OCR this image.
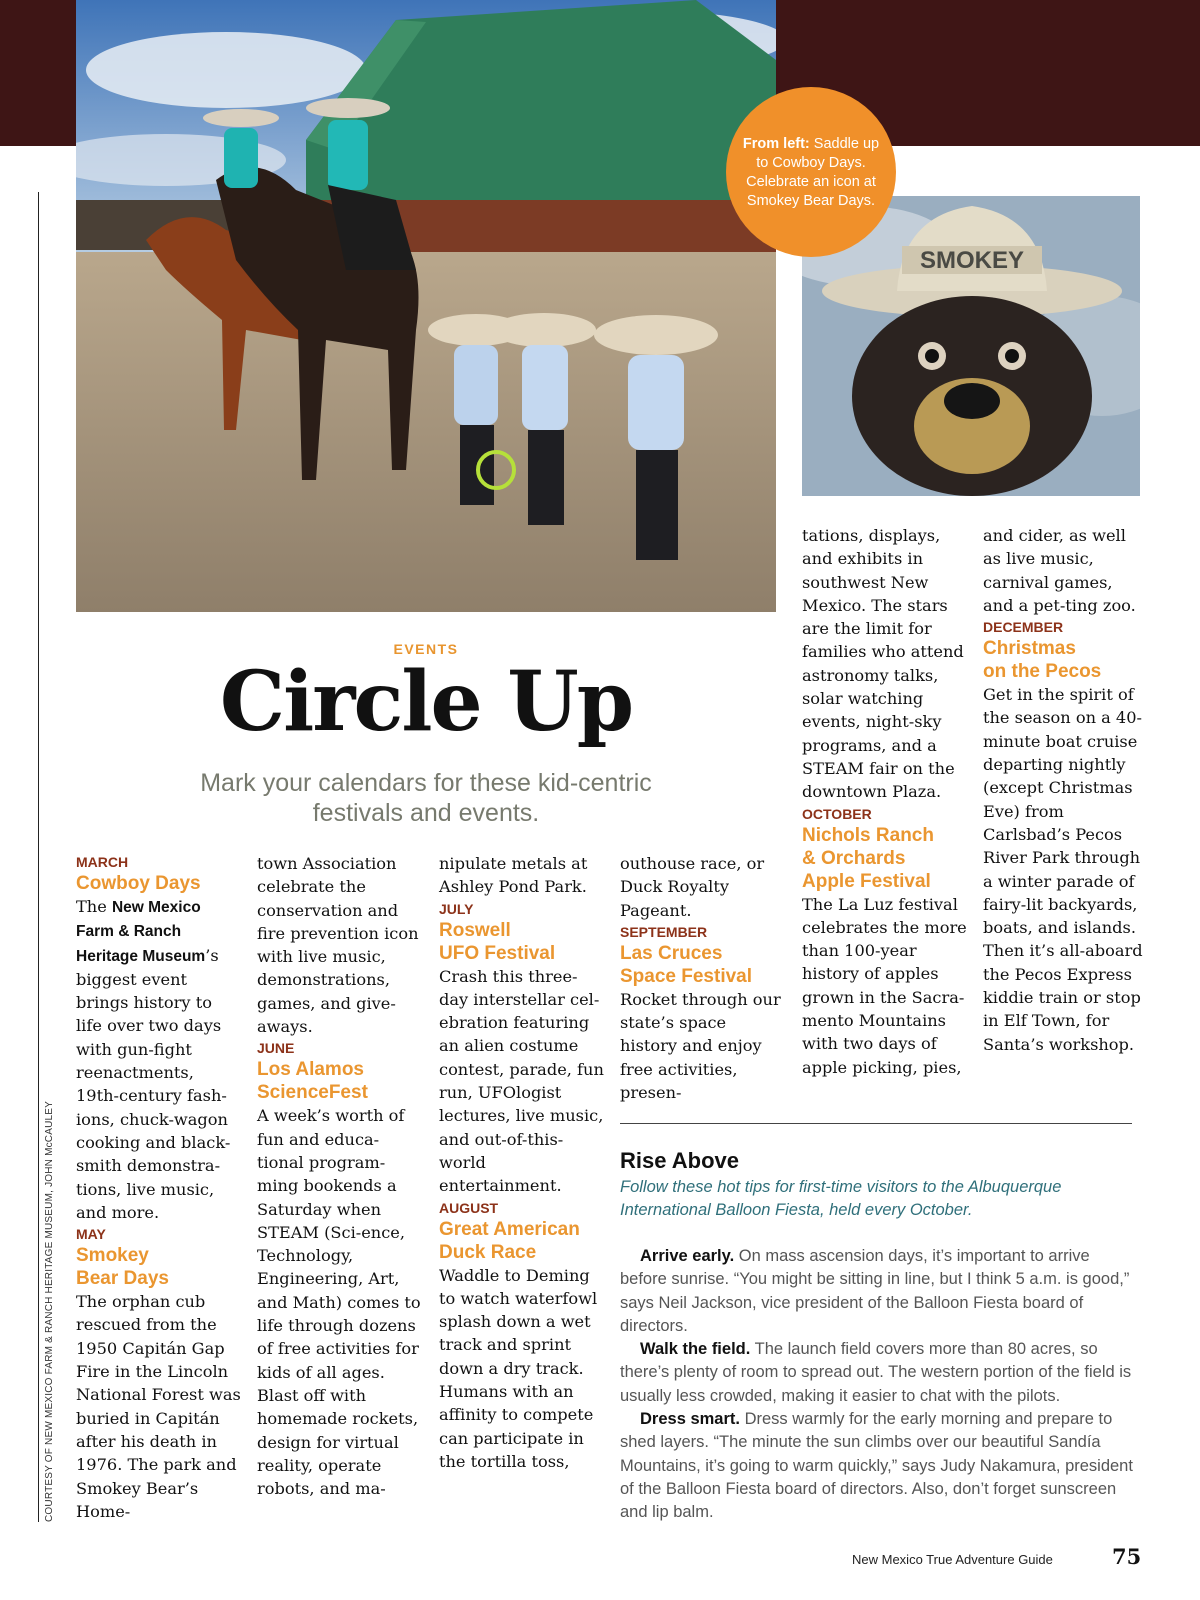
SMOKEY
From left: Saddle up to Cowboy Days. Celebrate an icon at Smokey Bear Days.
COURTESY OF NEW MEXICO FARM & RANCH HERITAGE MUSEUM, JOHN McCAULEY
EVENTS
Circle Up
Mark your calendars for these kid-centric festivals and events.

MARCH

Cowboy Days

The New Mexico Farm & Ranch Heritage Museum’s biggest event brings history to life over two days with gun-fight reenactments, 19th-century fash-ions, chuck-wagon cooking and black-smith demonstra-tions, live music, and more.

MAY

Smokey
Bear Days

The orphan cub rescued from the 1950 Capitán Gap Fire in the Lincoln National Forest was buried in Capitán after his death in 1976. The park and Smokey Bear’s Home-

town Association celebrate the conservation and fire prevention icon with live music, demonstrations, games, and give-aways.

JUNE

Los Alamos
ScienceFest

A week’s worth of fun and educa-tional program-ming bookends a Saturday when STEAM (Sci-ence, Technology, Engineering, Art, and Math) comes to life through dozens of free activities for kids of all ages. Blast off with homemade rockets, design for virtual reality, operate robots, and ma-

nipulate metals at Ashley Pond Park.

JULY

Roswell
UFO Festival

Crash this three-day interstellar cel-ebration featuring an alien costume contest, parade, fun run, UFOlogist lectures, live music, and out-of-this-world entertainment.

AUGUST

Great American
Duck Race

Waddle to Deming to watch waterfowl splash down a wet track and sprint down a dry track. Humans with an affinity to compete can participate in the tortilla toss,

outhouse race, or Duck Royalty Pageant.

SEPTEMBER

Las Cruces
Space Festival

Rocket through our state’s space history and enjoy free activities, presen-

tations, displays, and exhibits in southwest New Mexico. The stars are the limit for families who attend astronomy talks, solar watching events, night-sky programs, and a STEAM fair on the downtown Plaza.

OCTOBER

Nichols Ranch
& Orchards
Apple Festival

The La Luz festival celebrates the more than 100-year history of apples grown in the Sacra-mento Mountains with two days of apple picking, pies,

and cider, as well as live music, carnival games, and a pet-ting zoo.

DECEMBER

Christmas
on the Pecos

Get in the spirit of the season on a 40-minute boat cruise departing nightly (except Christmas Eve) from Carlsbad’s Pecos River Park through a winter parade of fairy-lit backyards, boats, and islands. Then it’s all-aboard the Pecos Express kiddie train or stop in Elf Town, for Santa’s workshop.

Rise Above
Follow these hot tips for first-time visitors to the Albuquerque International Balloon Fiesta, held every October.

Arrive early. On mass ascension days, it’s important to arrive before sunrise. “You might be sitting in line, but I think 5 a.m. is good,” says Neil Jackson, vice president of the Balloon Fiesta board of directors.

Walk the field. The launch field covers more than 80 acres, so there’s plenty of room to spread out. The western portion of the field is usually less crowded, making it easier to chat with the pilots.

Dress smart. Dress warmly for the early morning and prepare to shed layers. “The minute the sun climbs over our beautiful Sandía Mountains, it’s going to warm quickly,” says Judy Nakamura, president of the Balloon Fiesta board of directors. Also, don’t forget sunscreen and lip balm.

New Mexico True Adventure Guide	75
